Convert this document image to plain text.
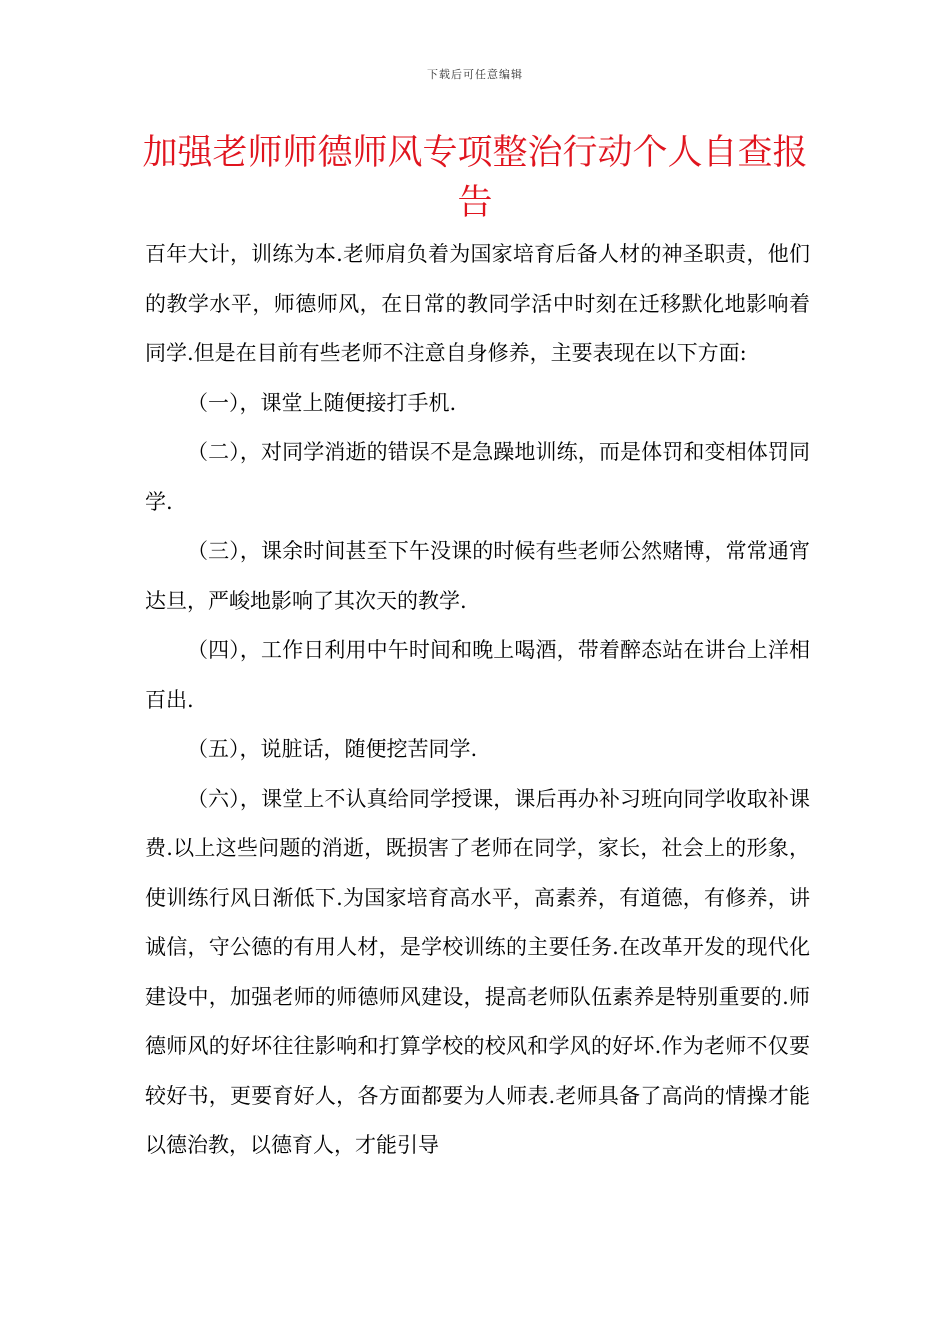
下载后可任意编辑
加强老师师德师风专项整治行动个人自查报告

百年大计，训练为本.老师肩负着为国家培育后备人材的神圣职责，他们的教学水平，师德师风，在日常的教同学活中时刻在迁移默化地影响着同学.但是在目前有些老师不注意自身修养，主要表现在以下方面:

（一），课堂上随便接打手机.

（二），对同学消逝的错误不是急躁地训练，而是体罚和变相体罚同学.

（三），课余时间甚至下午没课的时候有些老师公然赌博，常常通宵达旦，严峻地影响了其次天的教学.

（四），工作日利用中午时间和晚上喝酒，带着醉态站在讲台上洋相百出.

（五），说脏话，随便挖苦同学.

（六），课堂上不认真给同学授课，课后再办补习班向同学收取补课费.以上这些问题的消逝，既损害了老师在同学，家长，社会上的形象，使训练行风日渐低下.为国家培育高水平，高素养，有道德，有修养，讲诚信，守公德的有用人材，是学校训练的主要任务.在改革开发的现代化建设中，加强老师的师德师风建设，提高老师队伍素养是特别重要的.师德师风的好坏往往影响和打算学校的校风和学风的好坏.作为老师不仅要较好书，更要育好人，各方面都要为人师表.老师具备了高尚的情操才能以德治教，以德育人，才能引导
